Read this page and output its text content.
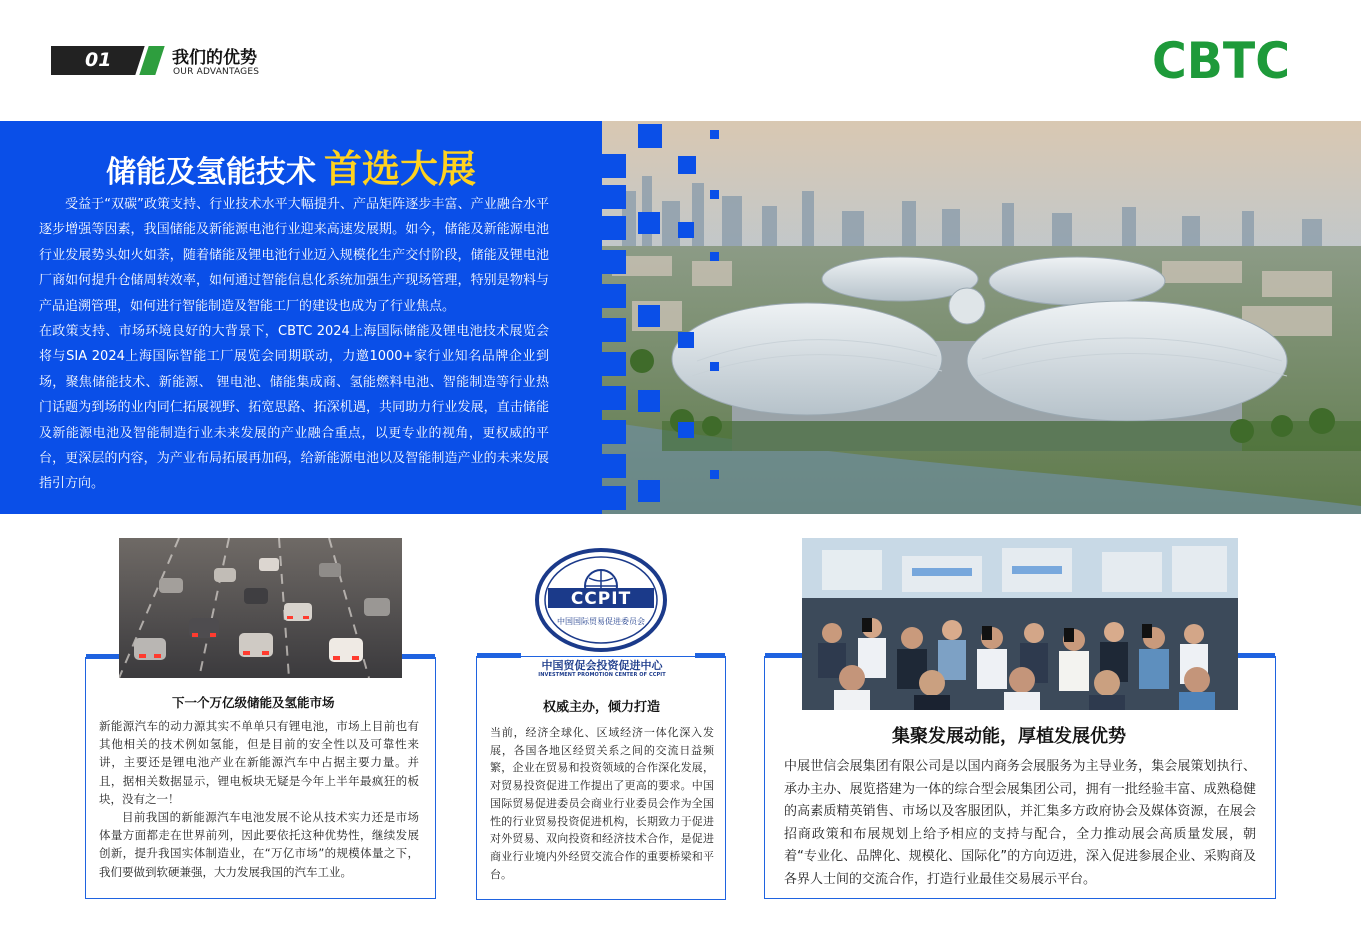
01	我们的优势
OUR ADVANTAGES	CBTC
储能及氢能技术 首选大展

受益于“双碳”政策支持、行业技术水平大幅提升、产品矩阵逐步丰富、产业融合水平逐步增强等因素，我国储能及新能源电池行业迎来高速发展期。如今，储能及新能源电池行业发展势头如火如荼，随着储能及锂电池行业迈入规模化生产交付阶段，储能及锂电池厂商如何提升仓储周转效率，如何通过智能信息化系统加强生产现场管理，特别是物料与产品追溯管理，如何进行智能制造及智能工厂的建设也成为了行业焦点。

在政策支持、市场环境良好的大背景下，CBTC 2024上海国际储能及锂电池技术展览会将与SIA 2024上海国际智能工厂展览会同期联动，力邀1000+家行业知名品牌企业到场，聚焦储能技术、新能源、 锂电池、储能集成商、氢能燃料电池、智能制造等行业热门话题为到场的业内同仁拓展视野、拓宽思路、拓深机遇，共同助力行业发展，直击储能及新能源电池及智能制造行业未来发展的产业融合重点，以更专业的视角，更权威的平台，更深层的内容，为产业布局拓展再加码，给新能源电池以及智能制造产业的未来发展指引方向。

下一个万亿级储能及氢能市场

新能源汽车的动力源其实不单单只有锂电池，市场上目前也有其他相关的技术例如氢能，但是目前的安全性以及可靠性来讲，主要还是锂电池产业在新能源汽车中占据主要力量。并且，据相关数据显示，锂电板块无疑是今年上半年最疯狂的板块，没有之一！

目前我国的新能源汽车电池发展不论从技术实力还是市场体量方面都走在世界前列，因此要依托这种优势性，继续发展创新，提升我国实体制造业，在“万亿市场”的规模体量之下，我们要做到软硬兼强，大力发展我国的汽车工业。

CCPIT
中国国际贸易促进委员会
中国贸促会投资促进中心
INVESTMENT PROMOTION CENTER OF CCPIT
权威主办，倾力打造

当前，经济全球化、区域经济一体化深入发展，各国各地区经贸关系之间的交流日益频繁，企业在贸易和投资领域的合作深化发展，对贸易投资促进工作提出了更高的要求。中国国际贸易促进委员会商业行业委员会作为全国性的行业贸易投资促进机构，长期致力于促进对外贸易、双向投资和经济技术合作，是促进商业行业境内外经贸交流合作的重要桥梁和平台。

集聚发展动能，厚植发展优势

中展世信会展集团有限公司是以国内商务会展服务为主导业务，集会展策划执行、承办主办、展览搭建为一体的综合型会展集团公司，拥有一批经验丰富、成熟稳健的高素质精英销售、市场以及客服团队，并汇集多方政府协会及媒体资源，在展会招商政策和布展规划上给予相应的支持与配合，全力推动展会高质量发展，朝着“专业化、品牌化、规模化、国际化”的方向迈进，深入促进参展企业、采购商及各界人士间的交流合作，打造行业最佳交易展示平台。
